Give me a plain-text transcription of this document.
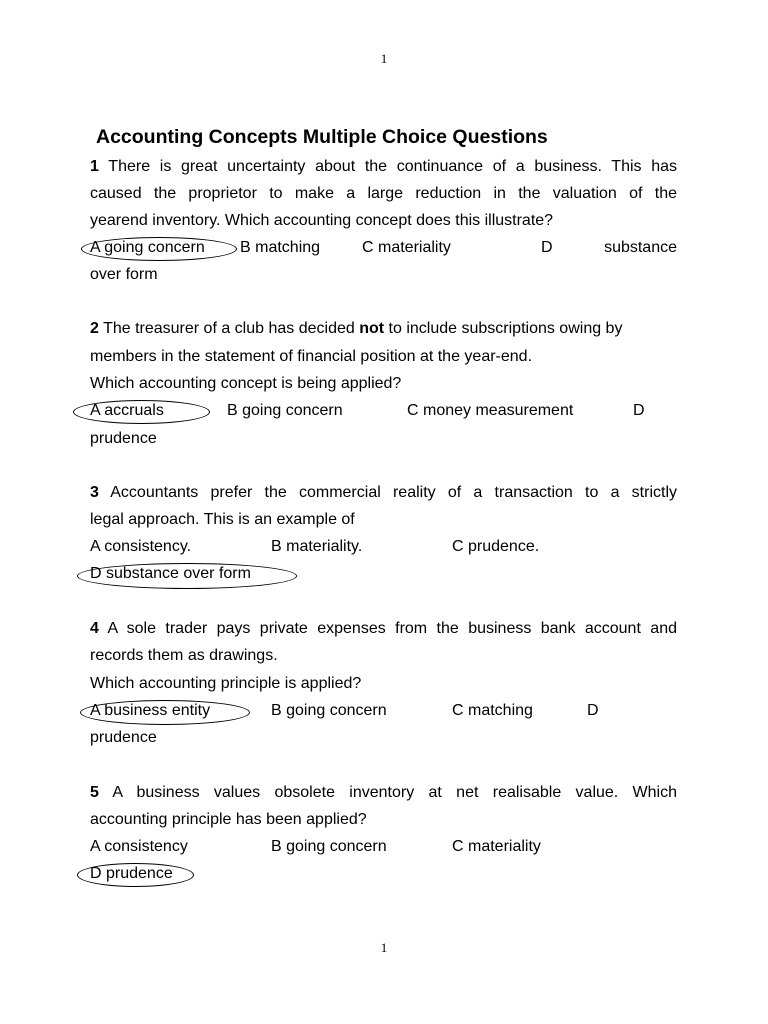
1
Accounting Concepts Multiple Choice Questions
1 There is great uncertainty about the continuance of a business. This has
caused the proprietor to make a large reduction in the valuation of the
yearend inventory. Which accounting concept does this illustrate?
A going concern B matching	C materiality	D	substance
over form
2 The treasurer of a club has decided not to include subscriptions owing by
members in the statement of financial position at the year-end.
Which accounting concept is being applied?
A accruals	B going concern	C money measurement	D
prudence
3 Accountants prefer the commercial reality of a transaction to a strictly
legal approach. This is an example of
A consistency.	B materiality.	C prudence.
D substance over form
4 A sole trader pays private expenses from the business bank account and
records them as drawings.
Which accounting principle is applied?
A business entity	B going concern	C matching	D
prudence
5 A business values obsolete inventory at net realisable value. Which
accounting principle has been applied?
A consistency	B going concern	C materiality
D prudence
1
